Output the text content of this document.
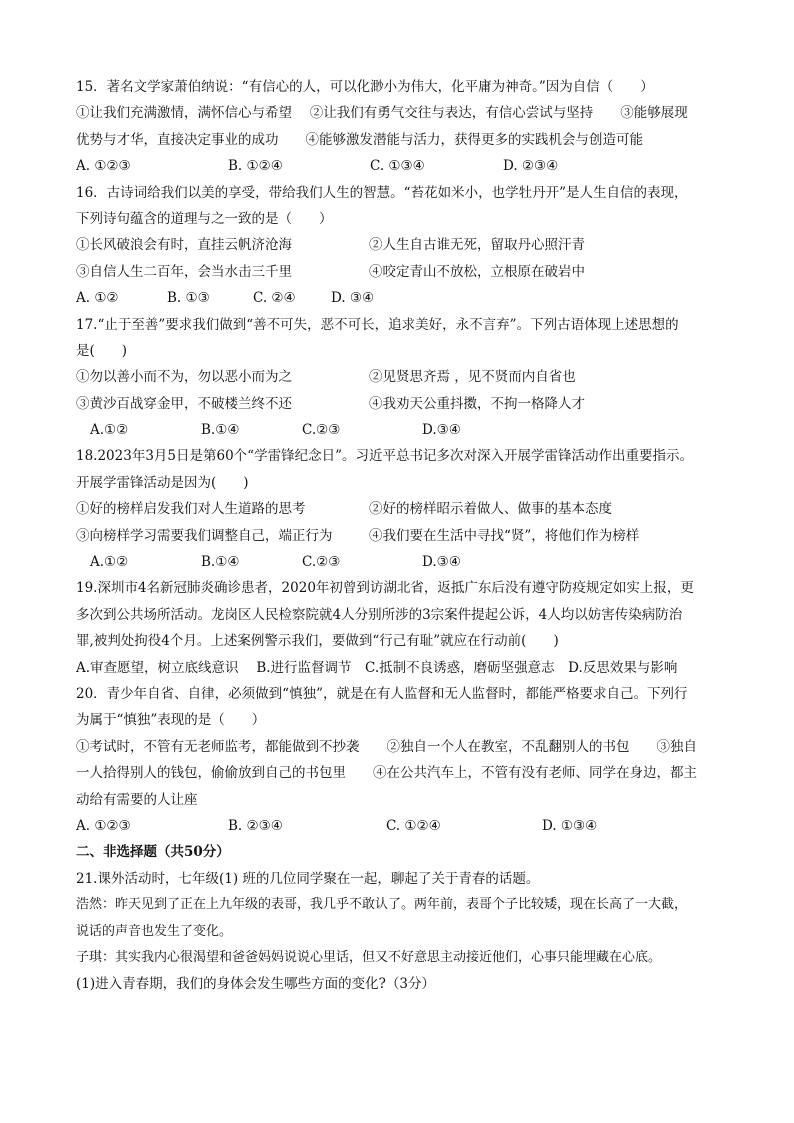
15．著名文学家萧伯纳说：“有信心的人，可以化渺小为伟大，化平庸为神奇。”因为自信（　　）
①让我们充满激情，满怀信心与希望　 ②让我们有勇气交往与表达，有信心尝试与坚持　　③能够展现
优势与才华，直接决定事业的成功　　④能够激发潜能与活力，获得更多的实践机会与创造可能
A. ①②③	B. ①②④	C. ①③④	D. ②③④
16．古诗词给我们以美的享受，带给我们人生的智慧。“苔花如米小，也学牡丹开”是人生自信的表现，
下列诗句蕴含的道理与之一致的是（　　）
①长风破浪会有时，直挂云帆济沧海	②人生自古谁无死，留取丹心照汗青
③自信人生二百年，会当水击三千里	④咬定青山不放松，立根原在破岩中
A. ①②	B. ①③	C. ②④	D. ③④
17.“止于至善”要求我们做到“善不可失，恶不可长，追求美好，永不言弃”。下列古语体现上述思想的
是(　　)
①勿以善小而不为，勿以恶小而为之	②见贤思齐焉 ，见不贤而内自省也
③黄沙百战穿金甲，不破楼兰终不还	④我劝天公重抖擞，不拘一格降人才
A.①②	B.①④	C.②③	D.③④
18.2023年3月5日是第60个“学雷锋纪念日”。习近平总书记多次对深入开展学雷锋活动作出重要指示。
开展学雷锋活动是因为(　　)
①好的榜样启发我们对人生道路的思考	②好的榜样昭示着做人、做事的基本态度
③向榜样学习需要我们调整自己，端正行为	④我们要在生活中寻找“贤”，将他们作为榜样
A.①②	B.①④	C.②③	D.③④
19.深圳市4名新冠肺炎确诊患者，2020年初曾到访湖北省，返抵广东后没有遵守防疫规定如实上报，更
多次到公共场所活动。龙岗区人民检察院就4人分别所涉的3宗案件提起公诉，4人均以妨害传染病防治
罪,被判处拘役4个月。上述案例警示我们，要做到“行己有耻”就应在行动前(　　)
A.审查愿望，树立底线意识　 B.进行监督调节　C.抵制不良诱惑，磨砺坚强意志　D.反思效果与影响
20．青少年自省、自律，必须做到“慎独”，就是在有人监督和无人监督时，都能严格要求自己。下列行
为属于“慎独”表现的是（　　）
①考试时，不管有无老师监考，都能做到不抄袭　　②独自一个人在教室，不乱翻别人的书包　　③独自
一人拾得别人的钱包，偷偷放到自己的书包里　　④在公共汽车上，不管有没有老师、同学在身边，都主
动给有需要的人让座
A. ①②③	B. ②③④	C. ①②④	D. ①③④
二、非选择题（共50分）
21.课外活动时，七年级(1) 班的几位同学聚在一起，聊起了关于青春的话题。
浩然：昨天见到了正在上九年级的表哥，我几乎不敢认了。两年前，表哥个子比较矮，现在长高了一大截，
说话的声音也发生了变化。
子琪：其实我内心很渴望和爸爸妈妈说说心里话，但又不好意思主动接近他们，心事只能埋藏在心底。
(1)进入青春期，我们的身体会发生哪些方面的变化?（3分）
